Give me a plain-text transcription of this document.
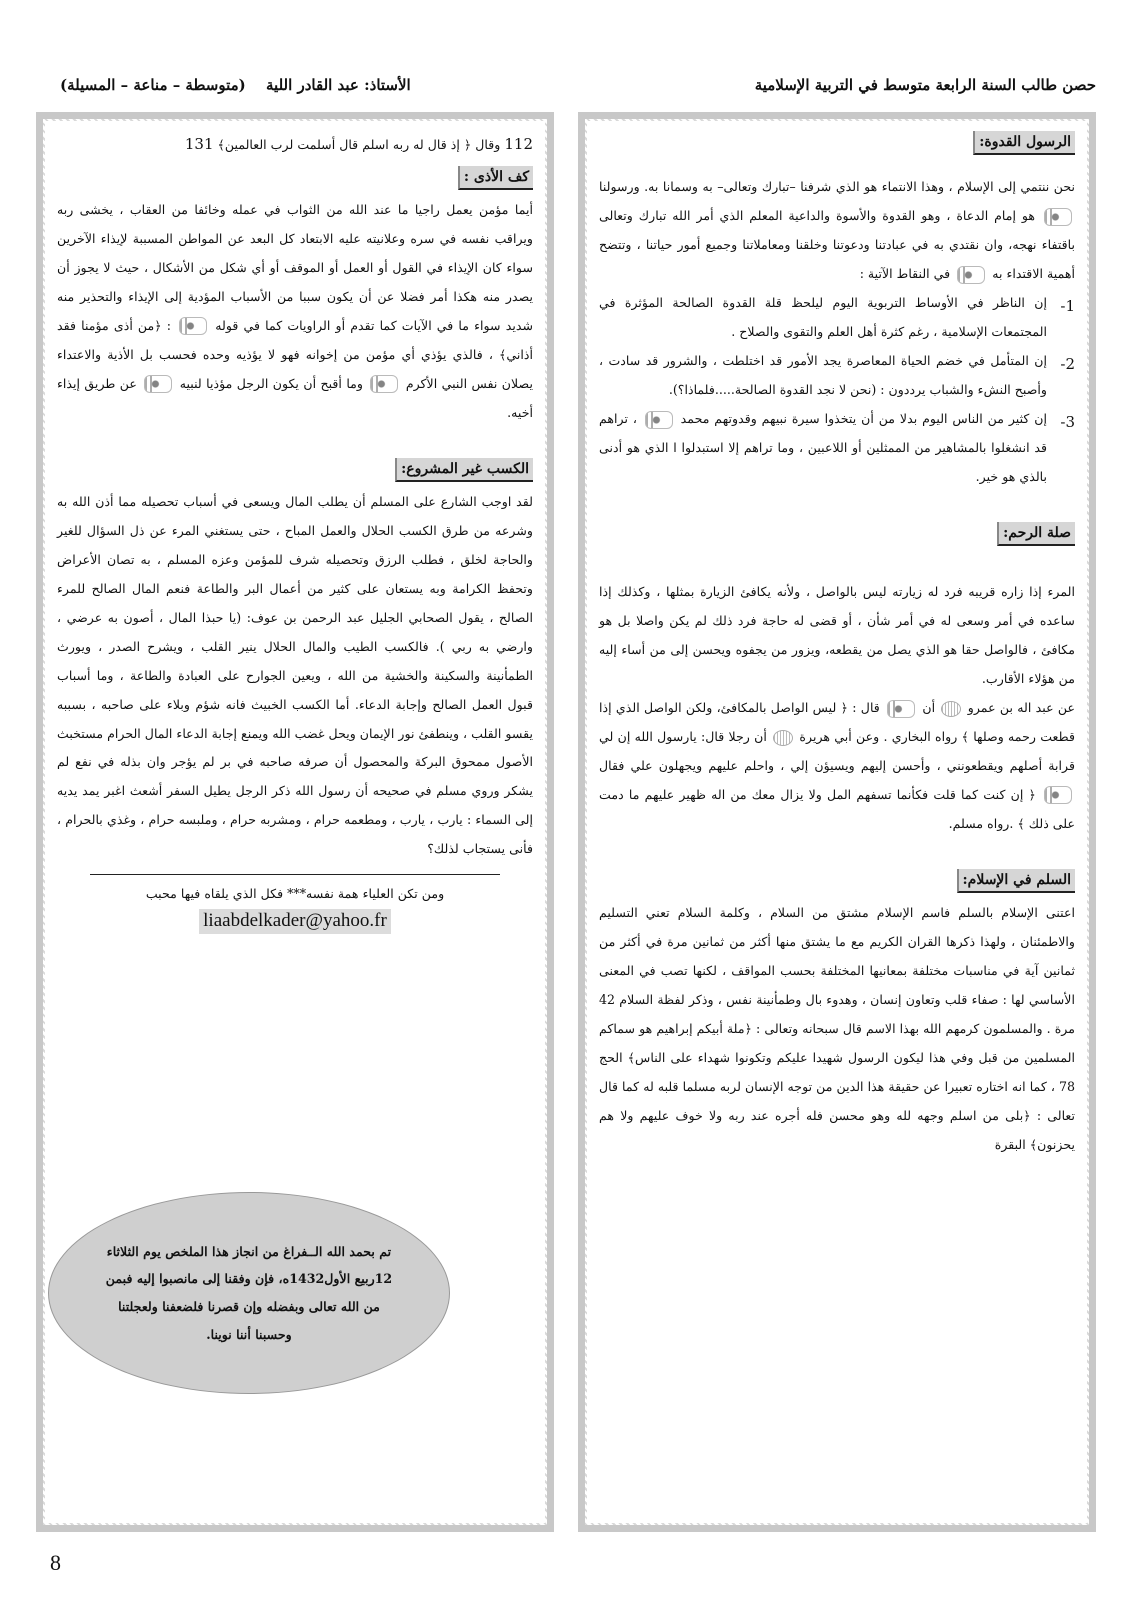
حصن طالب السنة الرابعة متوسط في التربية الإسلامية
الأستاذ: عبد القادر اللية
(متوسطة – مناعة – المسيلة)
الرسول القدوة:

نحن ننتمي إلى الإسلام ، وهذا الانتماء هو الذي شرفنا –تبارك وتعالى– به وسمانا به. ورسولنا  هو إمام الدعاة ، وهو القدوة والأسوة والداعية المعلم الذي أمر الله تبارك وتعالى باقتفاء نهجه، وان نقتدي به في عبادتنا ودعوتنا وخلقنا ومعاملاتنا وجميع أمور حياتنا ، وتتضح أهمية الاقتداء به  في النقاط الآتية :

1-
إن الناظر في الأوساط التربوية اليوم ليلحظ قلة القدوة الصالحة المؤثرة في المجتمعات الإسلامية ، رغم كثرة أهل العلم والتقوى والصلاح .
2-
إن المتأمل في خضم الحياة المعاصرة يجد الأمور قد اختلطت ، والشرور قد سادت ، وأصبح النشء والشباب يرددون : (نحن لا نجد القدوة الصالحة.....فلماذا؟).
3-
إن كثير من الناس اليوم بدلا من أن يتخذوا سيرة نبيهم وقدوتهم محمد  ، تراهم قد انشغلوا بالمشاهير من الممثلين أو اللاعبين ، وما تراهم إلا استبدلوا ا الذي هو أدنى بالذي هو خير.
صلة الرحم:

المرء إذا زاره قريبه فرد له زيارته ليس بالواصل ، ولأنه يكافئ الزيارة بمثلها ، وكذلك إذا ساعده في أمر وسعى له في أمر شأن ، أو قضى له حاجة فرد ذلك لم يكن واصلا بل هو مكافئ ، فالواصل حقا هو الذي يصل من يقطعه، ويزور من يجفوه ويحسن إلى من أساء إليه من هؤلاء الأقارب.

عن عبد اله بن عمرو  أن  قال : ﴿ ليس الواصل بالمكافئ، ولكن الواصل الذي إذا قطعت رحمه وصلها ﴾ رواه البخاري . وعن أبي هريرة  أن رجلا قال: يارسول الله إن لي قرابة أصلهم ويقطعونني ، وأحسن إليهم ويسيؤن إلي ، واحلم عليهم ويجهلون علي فقال  ﴿ إن كنت كما قلت فكأنما تسفهم المل ولا يزال معك من اله ظهير عليهم ما دمت على ذلك ﴾ .رواه مسلم.

السلم في الإسلام:

اعتنى الإسلام بالسلم فاسم الإسلام مشتق من السلام ، وكلمة السلام تعني التسليم والاطمئنان ، ولهذا ذكرها القران الكريم مع ما يشتق منها أكثر من ثمانين مرة في أكثر من ثمانين آية في مناسبات مختلفة بمعانيها المختلفة بحسب المواقف ، لكنها تصب في المعنى الأساسي لها : صفاء قلب وتعاون إنسان ، وهدوء بال وطمأنينة نفس ، وذكر لفظة السلام 42 مرة . والمسلمون كرمهم الله بهذا الاسم قال سبحانه وتعالى : ﴿ملة أبيكم إبراهيم هو سماكم المسلمين من قبل وفي هذا ليكون الرسول شهيدا عليكم وتكونوا شهداء على الناس﴾ الحج 78 ، كما انه اختاره تعبيرا عن حقيقة هذا الدين من توجه الإنسان لربه مسلما قلبه له كما قال تعالى : ﴿بلى من اسلم وجهه لله وهو محسن فله أجره عند ربه ولا خوف عليهم ولا هم يحزنون﴾ البقرة

112 وقال ﴿ إذ قال له ربه اسلم قال أسلمت لرب العالمين﴾ 131

كف الأذى :

أيما مؤمن يعمل راجيا ما عند الله من الثواب في عمله وخائفا من العقاب ، يخشى ربه ويراقب نفسه في سره وعلانيته عليه الابتعاد كل البعد عن المواطن المسببة لإيذاء الآخرين سواء كان الإيذاء في القول أو العمل أو الموقف أو أي شكل من الأشكال ، حيث لا يجوز أن يصدر منه هكذا أمر فضلا عن أن يكون سببا من الأسباب المؤدية إلى الإيذاء والتحذير منه شديد سواء ما في الآيات كما تقدم أو الراويات كما في قوله  : ﴿من أذى مؤمنا فقد أذاني﴾ ، فالذي يؤذي أي مؤمن من إخوانه فهو لا يؤذيه وحده فحسب بل الأذية والاعتداء يصلان نفس النبي الأكرم  وما أقبح أن يكون الرجل مؤذيا لنبيه  عن طريق إيذاء أخيه.

الكسب غير المشروع:

لقد اوجب الشارع على المسلم أن يطلب المال ويسعى في أسباب تحصيله مما أذن الله به وشرعه من طرق الكسب الحلال والعمل المباح ، حتى يستغني المرء عن ذل السؤال للغير والحاجة لخلق ، فطلب الرزق وتحصيله شرف للمؤمن وعزه المسلم ، به تصان الأعراض وتحفظ الكرامة وبه يستعان على كثير من أعمال البر والطاعة فنعم المال الصالح للمرء الصالح ، يقول الصحابي الجليل عبد الرحمن بن عوف: (يا حبذا المال ، أصون به عرضي ، وارضي به ربي ). فالكسب الطيب والمال الحلال ينير القلب ، ويشرح الصدر ، ويورث الطمأنينة والسكينة والخشية من الله ، ويعين الجوارح على العبادة والطاعة ، وما أسباب قبول العمل الصالح وإجابة الدعاء. أما الكسب الخبيث فانه شؤم وبلاء على صاحبه ، بسببه يقسو القلب ، وينطفئ نور الإيمان ويحل غضب الله ويمنع إجابة الدعاء المال الحرام مستخبث الأصول ممحوق البركة والمحصول أن صرفه صاحبه في بر لم يؤجر وان بذله في نفع لم يشكر وروي مسلم في صحيحه أن رسول الله ذكر الرجل يطيل السفر أشعث اغبر يمد يديه إلى السماء : يارب ، يارب ، ومطعمه حرام ، ومشربه حرام ، وملبسه حرام ، وغذي بالحرام ، فأنى يستجاب لذلك؟

ومن تكن العلياء همة نفسه*** فكل الذي يلقاه فيها محبب

liaabdelkader@yahoo.fr

تم بحمد الله الــفراغ من انجاز هذا الملخص يوم الثلاثاء 12ربيع الأول1432ه، فإن وفقنا إلى مانصبوا إليه فبمن من الله تعالى وبفضله وإن قصرنا فلضعفنا ولعجلتنا وحسبنا أننا نوينا.

8
